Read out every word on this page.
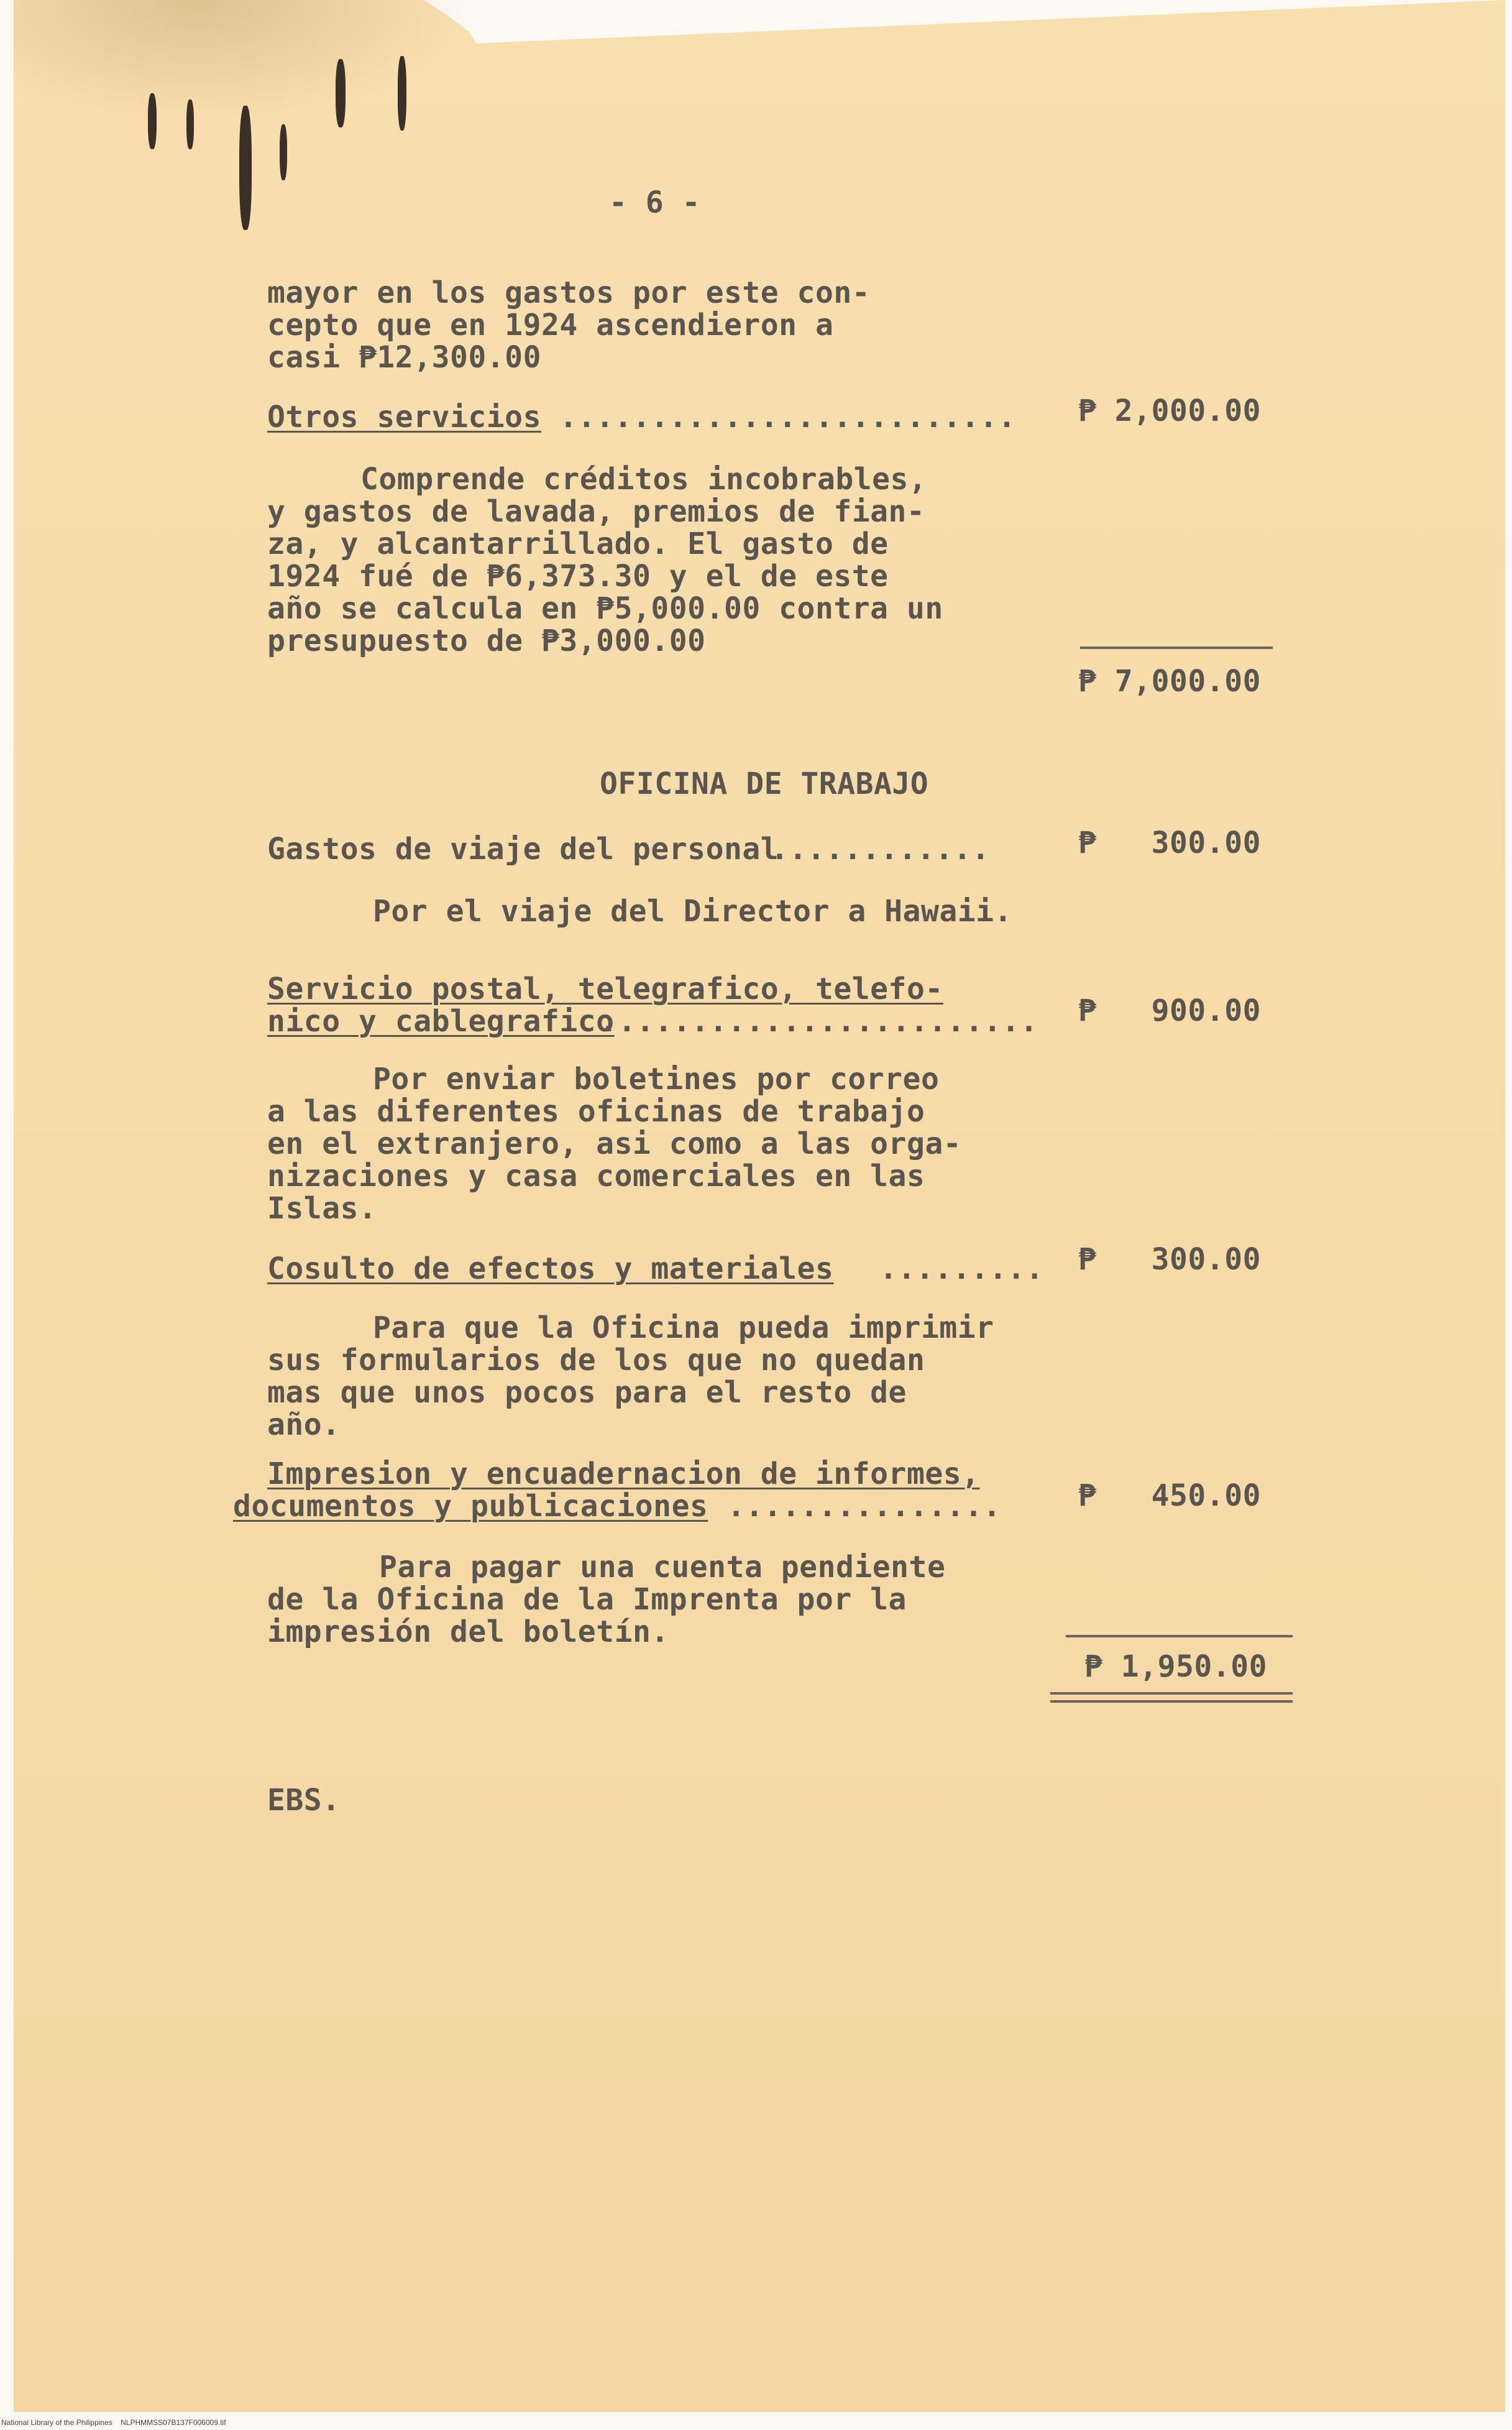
- 6 -
mayor en los gastos por este con-
cepto que en 1924 ascendieron a
casi ₱12,300.00
Otros servicios ......................... ₱ 2,000.00
Comprende créditos incobrables,
y gastos de lavada, premios de fian-
za, y alcantarrillado. El gasto de
1924 fué de ₱6,373.30 y el de este
año se calcula en ₱5,000.00 contra un
presupuesto de ₱3,000.00
₱ 7,000.00
OFICINA DE TRABAJO
Gastos de viaje del personal
............	₱   300.00
Por el viaje del Director a Hawaii.
Servicio postal, telegrafico, telefo-
nico y cablegrafico
........................ ₱   900.00
Por enviar boletines por correo
a las diferentes oficinas de trabajo
en el extranjero, asi como a las orga-
nizaciones y casa comerciales en las
Islas.
Cosulto de efectos y materiales ......... ₱   300.00
Para que la Oficina pueda imprimir
sus formularios de los que no quedan
mas que unos pocos para el resto de
año.
Impresion y encuadernacion de informes,
documentos y publicaciones ...............	₱   450.00
Para pagar una cuenta pendiente
de la Oficina de la Imprenta por la
impresión del boletín.
₱ 1,950.00
EBS.
National Library of the Philippines NLPHMMSS07B137F006009.tif
